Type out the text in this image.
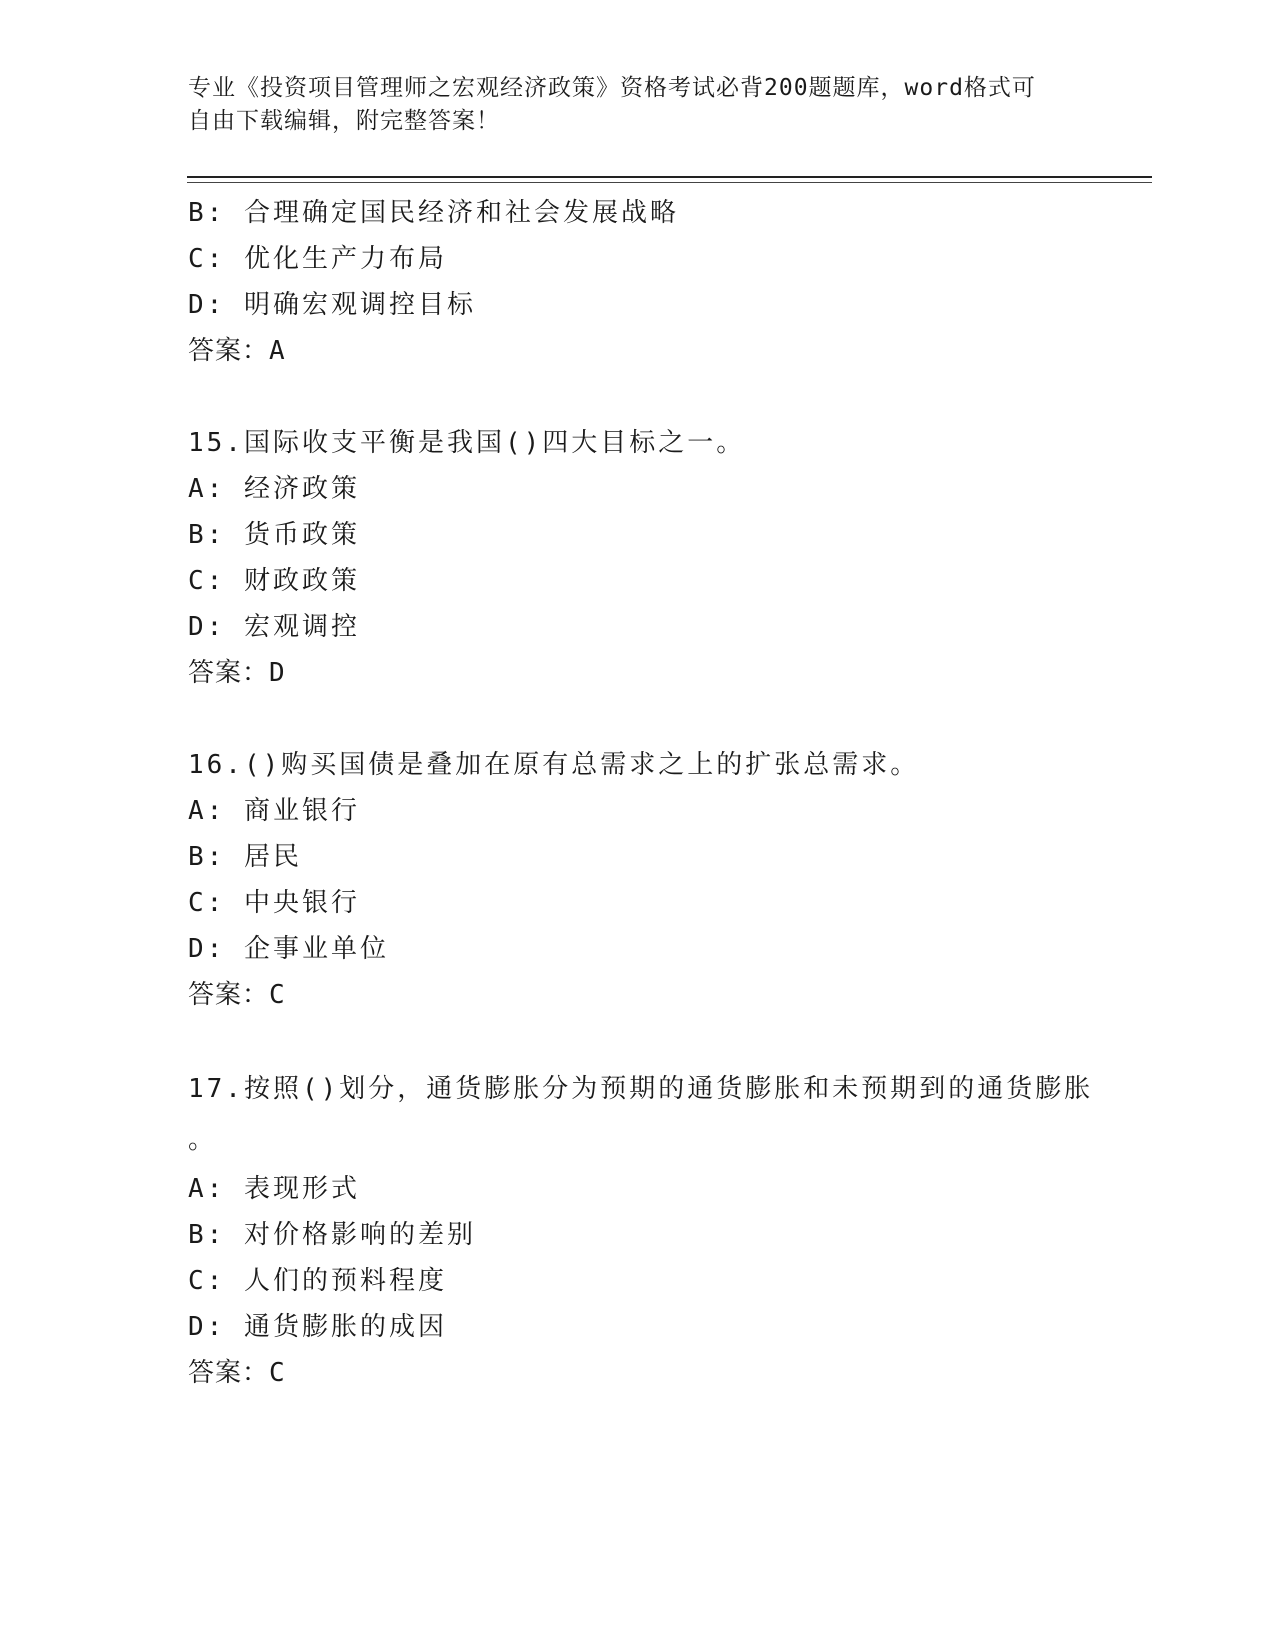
专业《投资项目管理师之宏观经济政策》资格考试必背200题题库，word格式可
自由下载编辑，附完整答案！
B: 合理确定国民经济和社会发展战略
C: 优化生产力布局
D: 明确宏观调控目标
答案：A
15.国际收支平衡是我国()四大目标之一。
A: 经济政策
B: 货币政策
C: 财政政策
D: 宏观调控
答案：D
16.()购买国债是叠加在原有总需求之上的扩张总需求。
A: 商业银行
B: 居民
C: 中央银行
D: 企事业单位
答案：C
17.按照()划分，通货膨胀分为预期的通货膨胀和未预期到的通货膨胀
。
A: 表现形式
B: 对价格影响的差别
C: 人们的预料程度
D: 通货膨胀的成因
答案：C
